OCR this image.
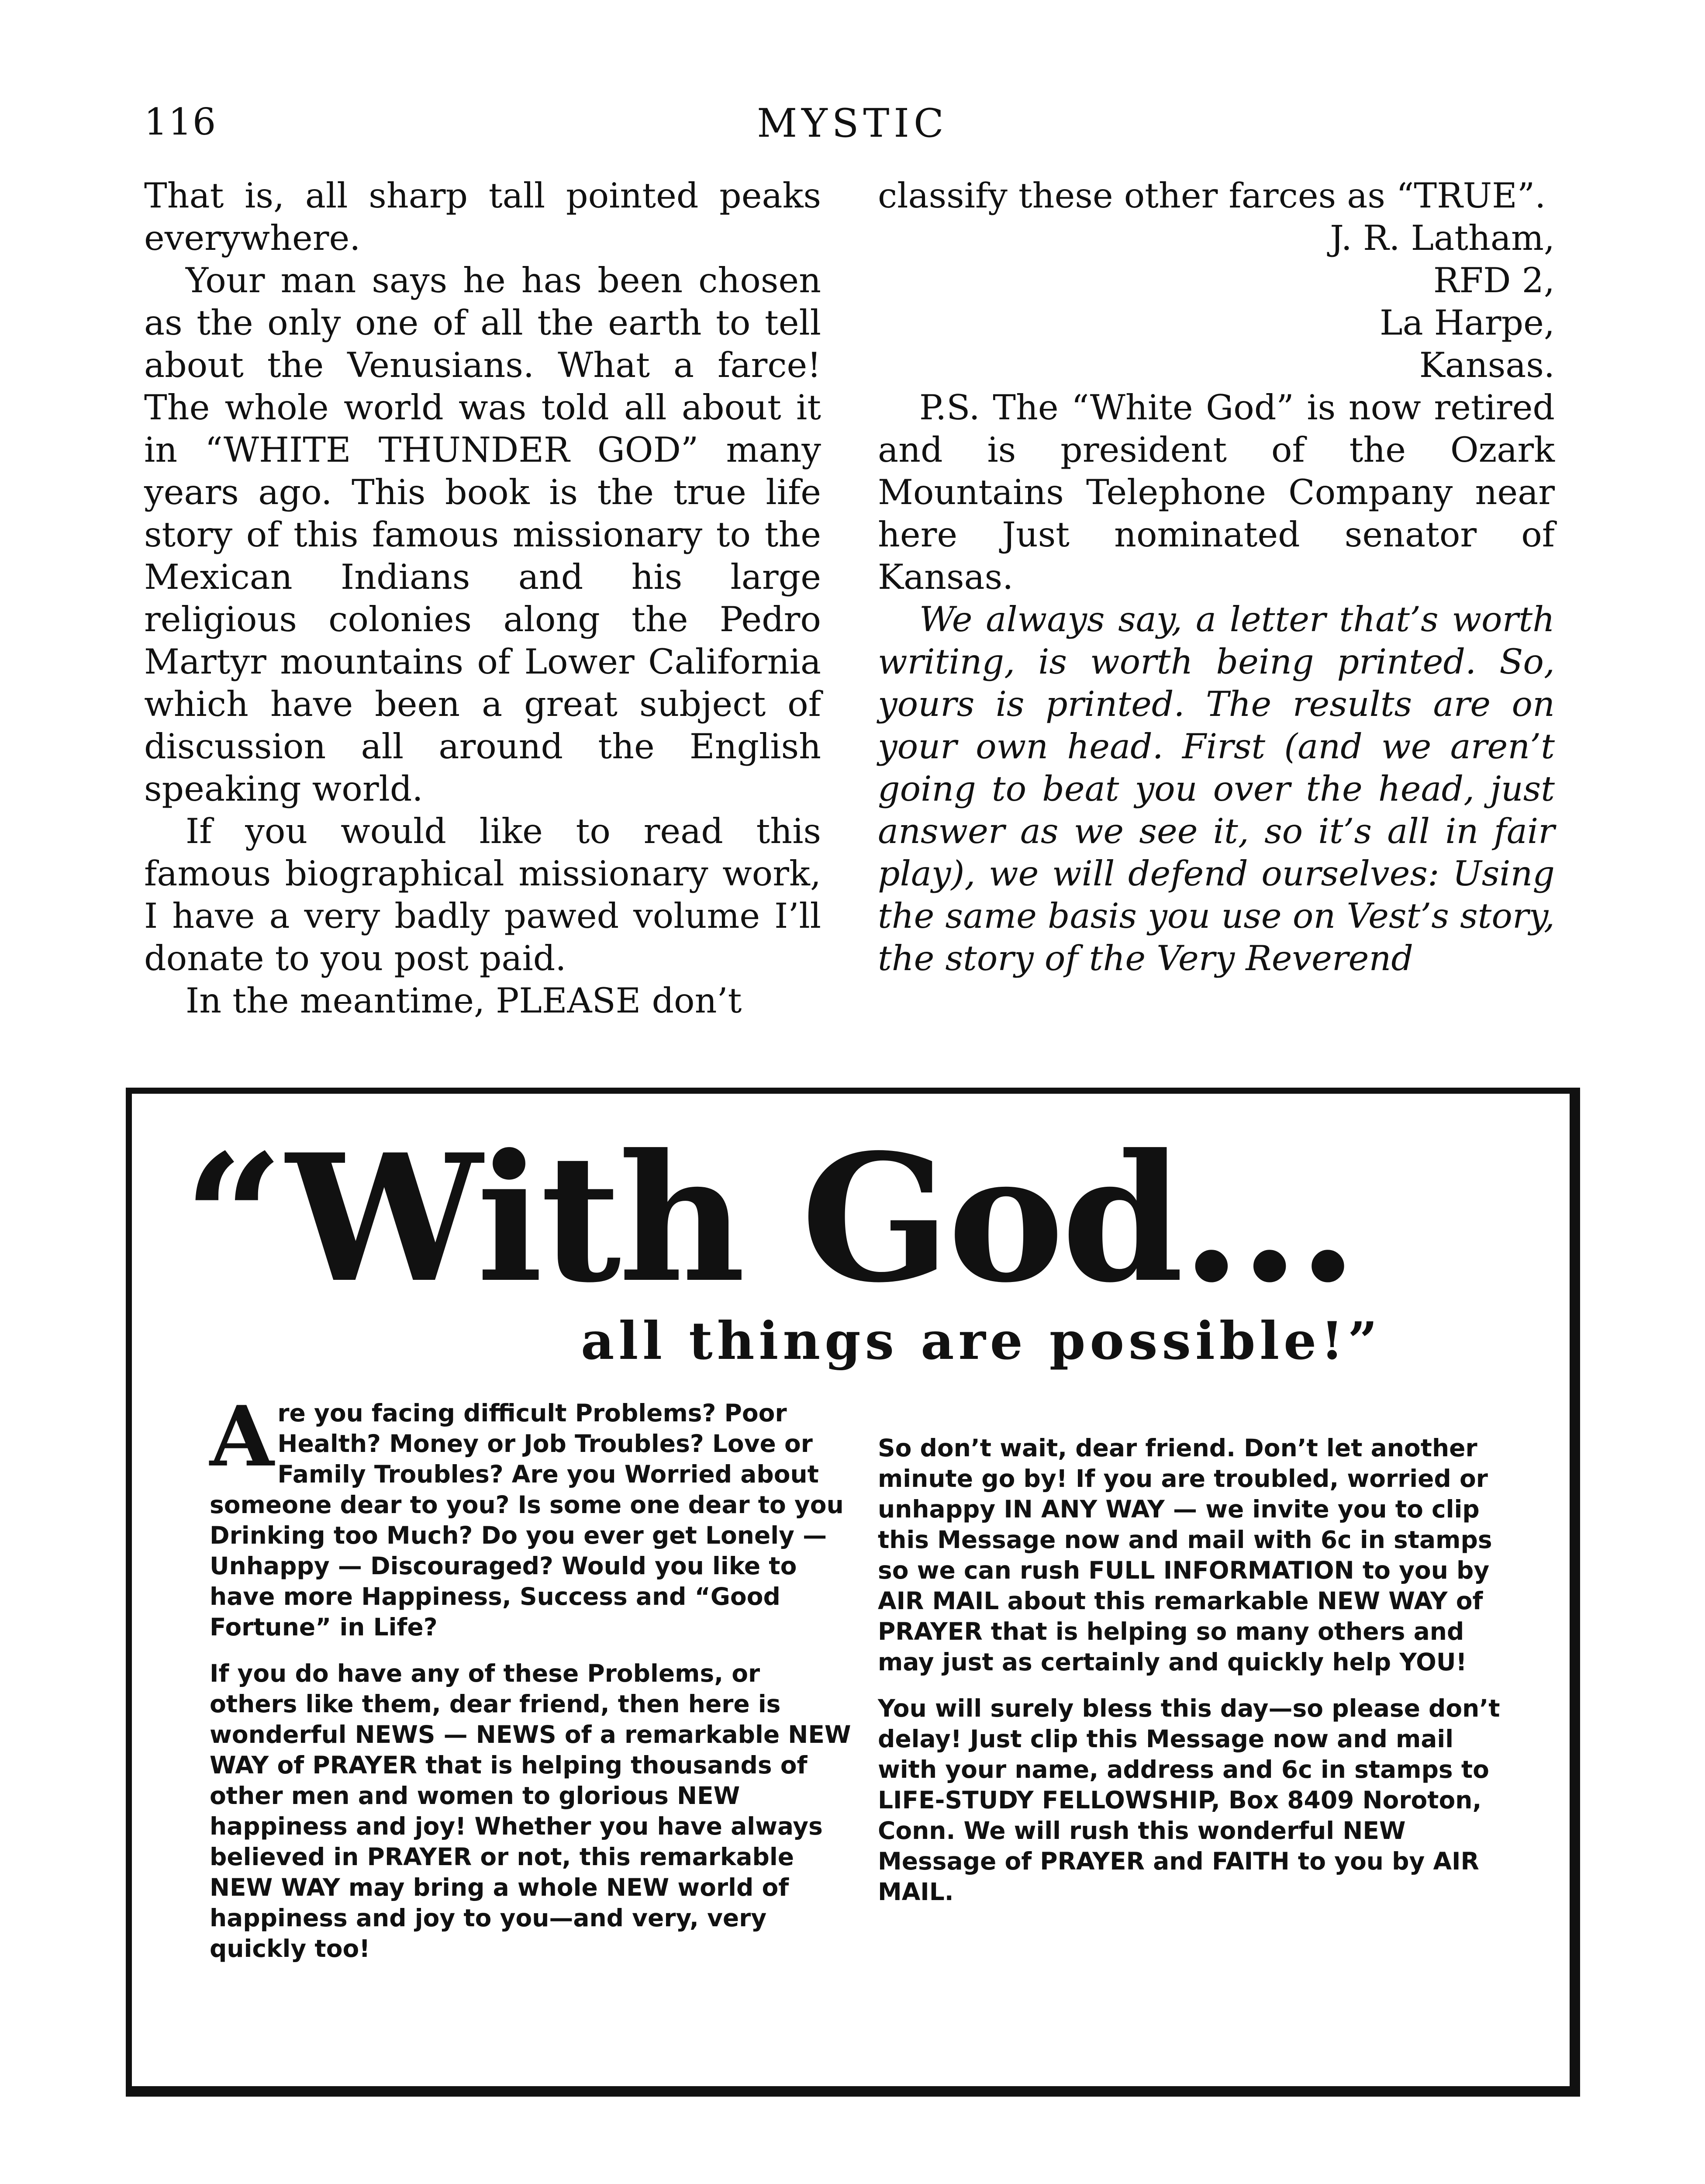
116	MYSTIC

That is, all sharp tall pointed peaks everywhere.

Your man says he has been chosen as the only one of all the earth to tell about the Venusians. What a farce! The whole world was told all about it in “WHITE THUNDER GOD” many years ago. This book is the true life story of this famous missionary to the Mexican Indians and his large religious colonies along the Pedro Martyr mountains of Lower California which have been a great subject of discussion all around the English speaking world.

If you would like to read this famous biographical missionary work, I have a very badly pawed volume I’ll donate to you post paid.

In the meantime, PLEASE don’t

classify these other farces as “TRUE”.

J. R. Latham,

RFD 2,

La Harpe,

Kansas.

P.S. The “White God” is now retired and is president of the Ozark Mountains Telephone Company near here Just nominated senator of Kansas.

We always say, a letter that’s worth writing, is worth being printed. So, yours is printed. The results are on your own head. First (and we aren’t going to beat you over the head, just answer as we see it, so it’s all in fair play), we will defend ourselves: Using the same basis you use on Vest’s story, the story of the Very Reverend

“With God...
all things are possible!”

Are you facing difficult Problems? Poor Health? Money or Job Troubles? Love or Family Troubles? Are you Worried about someone dear to you? Is some one dear to you Drinking too Much? Do you ever get Lonely — Unhappy — Discouraged? Would you like to have more Happiness, Success and “Good Fortune” in Life?

If you do have any of these Problems, or others like them, dear friend, then here is wonderful NEWS — NEWS of a remarkable NEW WAY of PRAYER that is helping thousands of other men and women to glorious NEW happiness and joy! Whether you have always believed in PRAYER or not, this remarkable NEW WAY may bring a whole NEW world of happiness and joy to you—and very, very quickly too!

So don’t wait, dear friend. Don’t let another minute go by! If you are troubled, worried or unhappy IN ANY WAY — we invite you to clip this Message now and mail with 6c in stamps so we can rush FULL INFORMATION to you by AIR MAIL about this remarkable NEW WAY of PRAYER that is helping so many others and may just as certainly and quickly help YOU!

You will surely bless this day—so please don’t delay! Just clip this Message now and mail with your name, address and 6c in stamps to LIFE-STUDY FELLOWSHIP, Box 8409 Noroton, Conn. We will rush this wonderful NEW Message of PRAYER and FAITH to you by AIR MAIL.
